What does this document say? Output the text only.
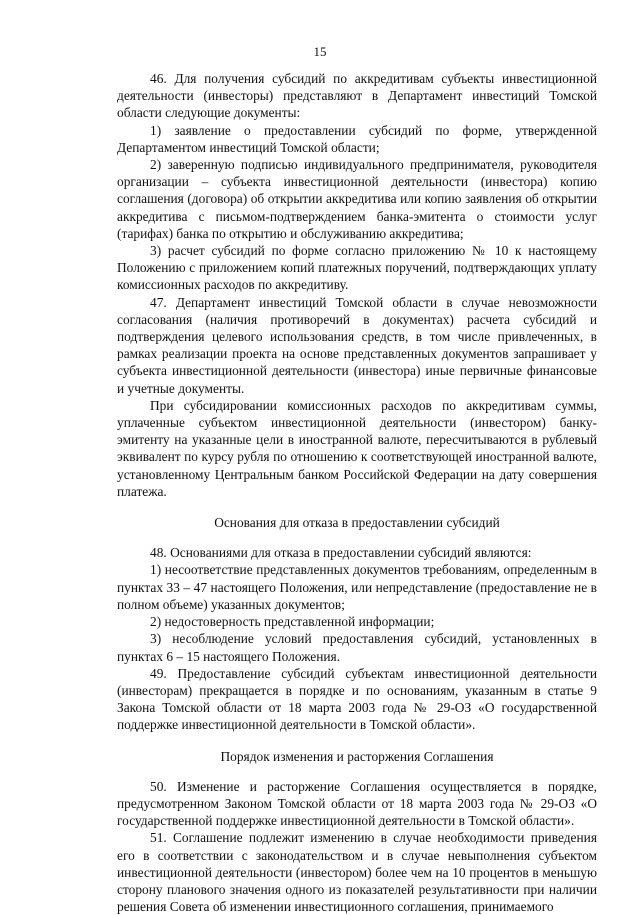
15

46. Для получения субсидий по аккредитивам субъекты инвестиционной деятельности (инвесторы) представляют в Департамент инвестиций Томской области следующие документы:

1) заявление о предоставлении субсидий по форме, утвержденной Департаментом инвестиций Томской области;

2) заверенную подписью индивидуального предпринимателя, руководителя организации – субъекта инвестиционной деятельности (инвестора) копию соглашения (договора) об открытии аккредитива или копию заявления об открытии аккредитива с письмом-подтверждением банка-эмитента о стоимости услуг (тарифах) банка по открытию и обслуживанию аккредитива;

3) расчет субсидий по форме согласно приложению № 10 к настоящему Положению с приложением копий платежных поручений, подтверждающих уплату комиссионных расходов по аккредитиву.

47. Департамент инвестиций Томской области в случае невозможности согласования (наличия противоречий в документах) расчета субсидий и подтверждения целевого использования средств, в том числе привлеченных, в рамках реализации проекта на основе представленных документов запрашивает у субъекта инвестиционной деятельности (инвестора) иные первичные финансовые и учетные документы.

При субсидировании комиссионных расходов по аккредитивам суммы, уплаченные субъектом инвестиционной деятельности (инвестором) банку-эмитенту на указанные цели в иностранной валюте, пересчитываются в рублевый эквивалент по курсу рубля по отношению к соответствующей иностранной валюте, установленному Центральным банком Российской Федерации на дату совершения платежа.

Основания для отказа в предоставлении субсидий

48. Основаниями для отказа в предоставлении субсидий являются:

1) несоответствие представленных документов требованиям, определенным в пунктах 33 – 47 настоящего Положения, или непредставление (предоставление не в полном объеме) указанных документов;

2) недостоверность представленной информации;

3) несоблюдение условий предоставления субсидий, установленных в пунктах 6 – 15 настоящего Положения.

49. Предоставление субсидий субъектам инвестиционной деятельности (инвесторам) прекращается в порядке и по основаниям, указанным в статье 9 Закона Томской области от 18 марта 2003 года № 29-ОЗ «О государственной поддержке инвестиционной деятельности в Томской области».

Порядок изменения и расторжения Соглашения

50. Изменение и расторжение Соглашения осуществляется в порядке, предусмотренном Законом Томской области от 18 марта 2003 года № 29-ОЗ «О государственной поддержке инвестиционной деятельности в Томской области».

51. Соглашение подлежит изменению в случае необходимости приведения его в соответствии с законодательством и в случае невыполнения субъектом инвестиционной деятельности (инвестором) более чем на 10 процентов в меньшую сторону планового значения одного из показателей результативности при наличии решения Совета об изменении инвестиционного соглашения, принимаемого
